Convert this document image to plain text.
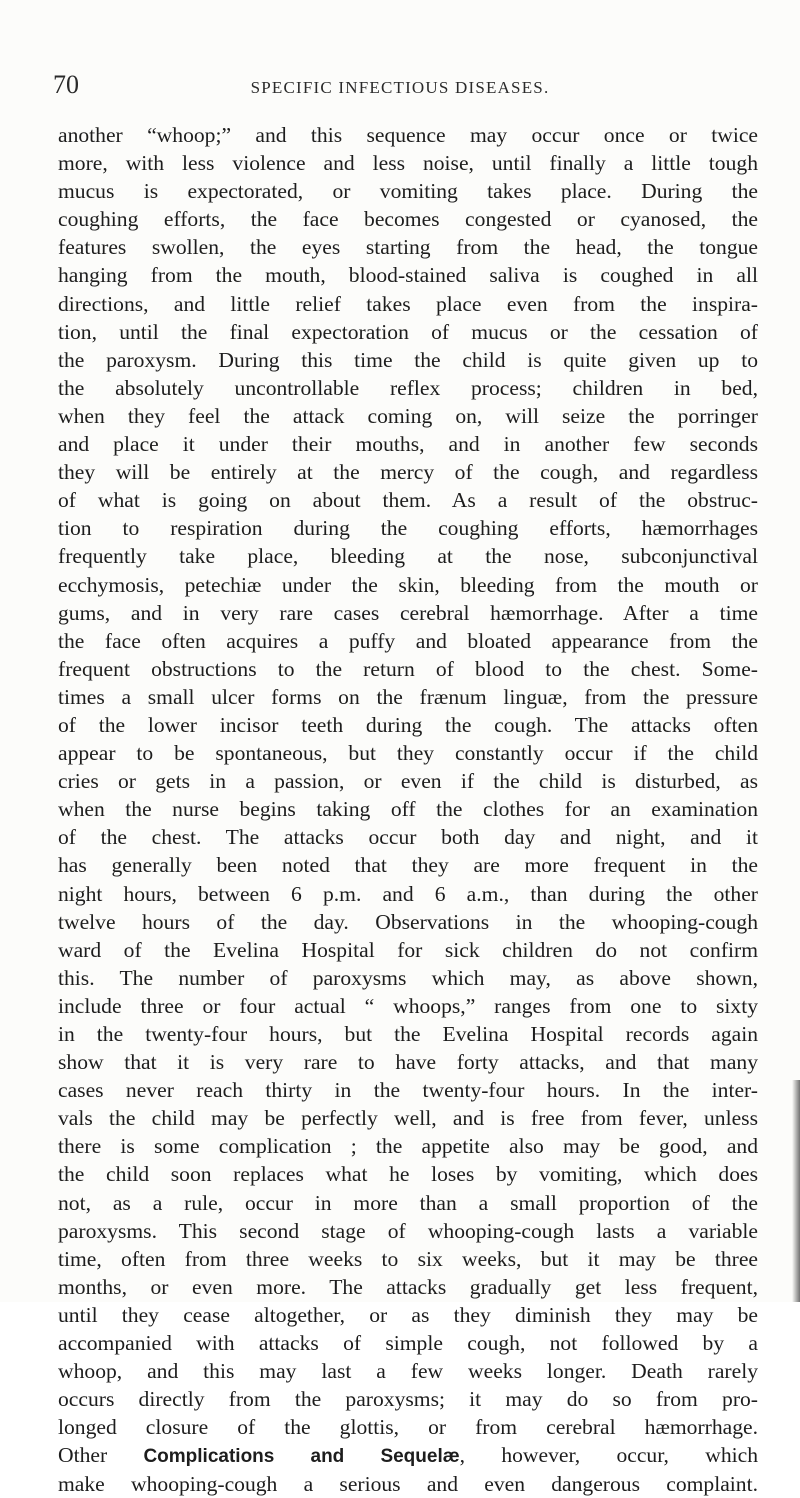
70	SPECIFIC INFECTIOUS DISEASES.
another “whoop;” and this sequence may occur once or twice
more, with less violence and less noise, until finally a little tough
mucus is expectorated, or vomiting takes place. During the
coughing efforts, the face becomes congested or cyanosed, the
features swollen, the eyes starting from the head, the tongue
hanging from the mouth, blood-stained saliva is coughed in all
directions, and little relief takes place even from the inspira-
tion, until the final expectoration of mucus or the cessation of
the paroxysm. During this time the child is quite given up to
the absolutely uncontrollable reflex process; children in bed,
when they feel the attack coming on, will seize the porringer
and place it under their mouths, and in another few seconds
they will be entirely at the mercy of the cough, and regardless
of what is going on about them. As a result of the obstruc-
tion to respiration during the coughing efforts, hæmorrhages
frequently take place, bleeding at the nose, subconjunctival
ecchymosis, petechiæ under the skin, bleeding from the mouth or
gums, and in very rare cases cerebral hæmorrhage. After a time
the face often acquires a puffy and bloated appearance from the
frequent obstructions to the return of blood to the chest. Some-
times a small ulcer forms on the frænum linguæ, from the pressure
of the lower incisor teeth during the cough. The attacks often
appear to be spontaneous, but they constantly occur if the child
cries or gets in a passion, or even if the child is disturbed, as
when the nurse begins taking off the clothes for an examination
of the chest. The attacks occur both day and night, and it
has generally been noted that they are more frequent in the
night hours, between 6 p.m. and 6 a.m., than during the other
twelve hours of the day. Observations in the whooping-cough
ward of the Evelina Hospital for sick children do not confirm
this. The number of paroxysms which may, as above shown,
include three or four actual “ whoops,” ranges from one to sixty
in the twenty-four hours, but the Evelina Hospital records again
show that it is very rare to have forty attacks, and that many
cases never reach thirty in the twenty-four hours. In the inter-
vals the child may be perfectly well, and is free from fever, unless
there is some complication ; the appetite also may be good, and
the child soon replaces what he loses by vomiting, which does
not, as a rule, occur in more than a small proportion of the
paroxysms. This second stage of whooping-cough lasts a variable
time, often from three weeks to six weeks, but it may be three
months, or even more. The attacks gradually get less frequent,
until they cease altogether, or as they diminish they may be
accompanied with attacks of simple cough, not followed by a
whoop, and this may last a few weeks longer. Death rarely
occurs directly from the paroxysms; it may do so from pro-
longed closure of the glottis, or from cerebral hæmorrhage.
Other Complications and Sequelæ, however, occur, which
make whooping-cough a serious and even dangerous complaint.
